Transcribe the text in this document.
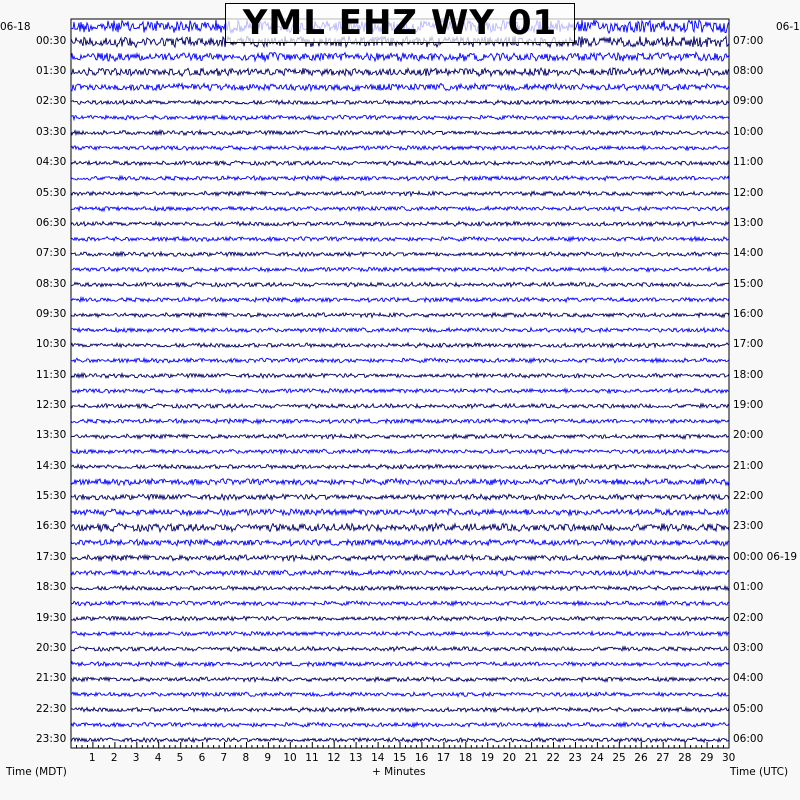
YML EHZ WY 01
06-18	06-1
00:30
01:30
02:30
03:30
04:30
05:30
06:30
07:30
08:30
09:30
10:30
11:30
12:30
13:30
14:30
15:30
16:30
17:30
18:30
19:30
20:30
21:30
22:30
23:30
07:00
08:00
09:00
10:00
11:00
12:00
13:00
14:00
15:00
16:00
17:00
18:00
19:00
20:00
21:00
22:00
23:00
00:00 06-19
01:00
02:00
03:00
04:00
05:00
06:00
1 2 3 4 5 6 7 8 9 10 11 12 13 14 15 16 17 18 19 20 21 22 23 24 25 26 27 28 29 30
Time (MDT)	+ Minutes	Time (UTC)
